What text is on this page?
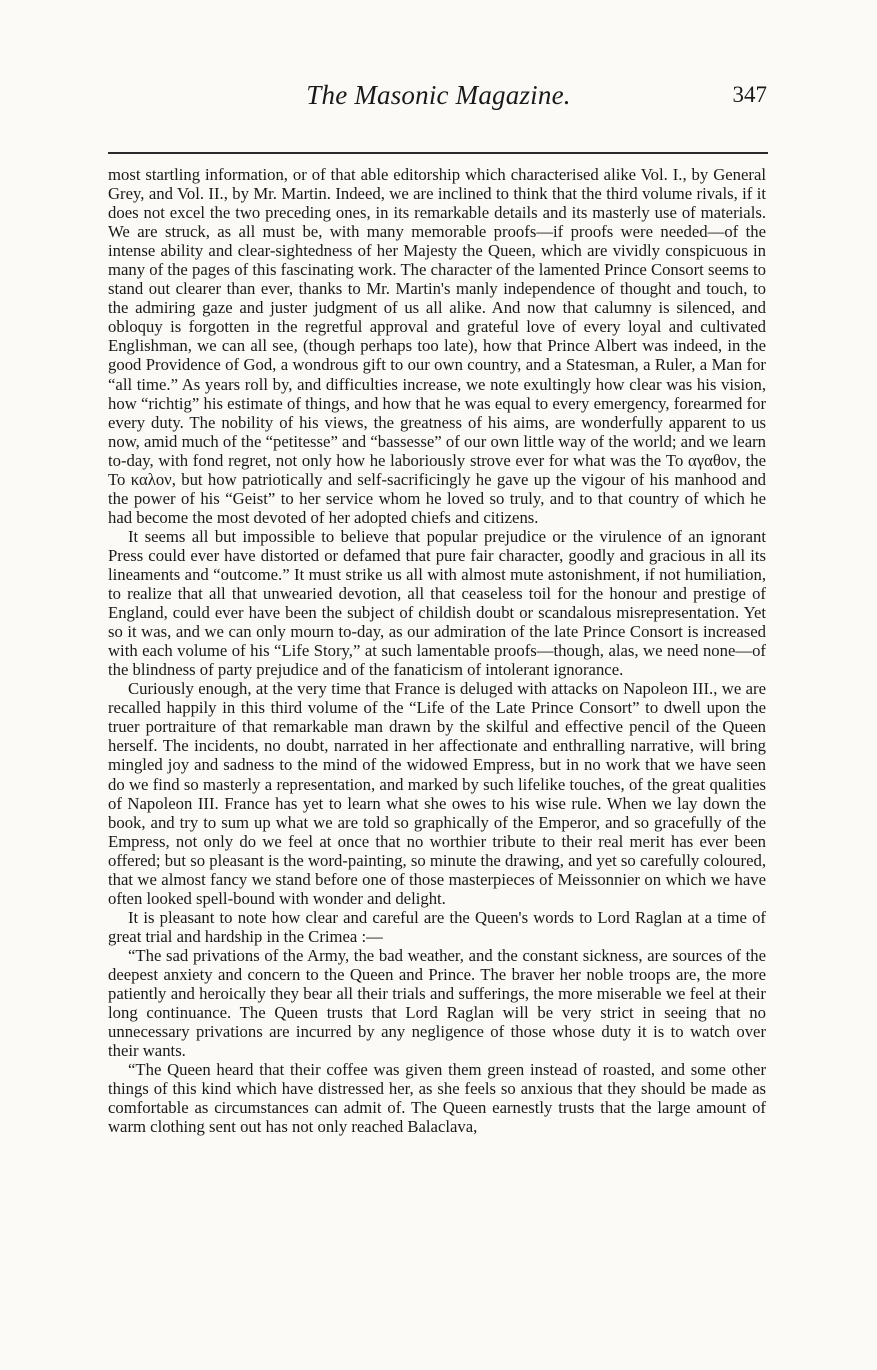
The Masonic Magazine.	347

most startling information, or of that able editorship which characterised alike Vol. I., by General Grey, and Vol. II., by Mr. Martin. Indeed, we are inclined to think that the third volume rivals, if it does not excel the two preceding ones, in its remarkable details and its masterly use of materials. We are struck, as all must be, with many memorable proofs—if proofs were needed—of the intense ability and clear-sightedness of her Majesty the Queen, which are vividly conspicuous in many of the pages of this fascinating work. The character of the lamented Prince Consort seems to stand out clearer than ever, thanks to Mr. Martin's manly independence of thought and touch, to the admiring gaze and juster judgment of us all alike. And now that calumny is silenced, and obloquy is forgotten in the regretful approval and grateful love of every loyal and cultivated Englishman, we can all see, (though perhaps too late), how that Prince Albert was indeed, in the good Providence of God, a wondrous gift to our own country, and a Statesman, a Ruler, a Man for “all time.” As years roll by, and difficulties increase, we note exultingly how clear was his vision, how “richtig” his estimate of things, and how that he was equal to every emergency, forearmed for every duty. The nobility of his views, the greatness of his aims, are wonderfully apparent to us now, amid much of the “petitesse” and “bassesse” of our own little way of the world; and we learn to-day, with fond regret, not only how he laboriously strove ever for what was the Το αγαθον, the Το καλον, but how patriotically and self-sacrificingly he gave up the vigour of his manhood and the power of his “Geist” to her service whom he loved so truly, and to that country of which he had become the most devoted of her adopted chiefs and citizens.

It seems all but impossible to believe that popular prejudice or the virulence of an ignorant Press could ever have distorted or defamed that pure fair character, goodly and gracious in all its lineaments and “outcome.” It must strike us all with almost mute astonishment, if not humiliation, to realize that all that unwearied devotion, all that ceaseless toil for the honour and prestige of England, could ever have been the subject of childish doubt or scandalous misrepresentation. Yet so it was, and we can only mourn to-day, as our admiration of the late Prince Consort is increased with each volume of his “Life Story,” at such lamentable proofs—though, alas, we need none—of the blindness of party prejudice and of the fanaticism of intolerant ignorance.

Curiously enough, at the very time that France is deluged with attacks on Napoleon III., we are recalled happily in this third volume of the “Life of the Late Prince Consort” to dwell upon the truer portraiture of that remarkable man drawn by the skilful and effective pencil of the Queen herself. The incidents, no doubt, narrated in her affectionate and enthralling narrative, will bring mingled joy and sadness to the mind of the widowed Empress, but in no work that we have seen do we find so masterly a representation, and marked by such lifelike touches, of the great qualities of Napoleon III. France has yet to learn what she owes to his wise rule. When we lay down the book, and try to sum up what we are told so graphically of the Emperor, and so gracefully of the Empress, not only do we feel at once that no worthier tribute to their real merit has ever been offered; but so pleasant is the word-painting, so minute the drawing, and yet so carefully coloured, that we almost fancy we stand before one of those masterpieces of Meissonnier on which we have often looked spell-bound with wonder and delight.

It is pleasant to note how clear and careful are the Queen's words to Lord Raglan at a time of great trial and hardship in the Crimea :—

“The sad privations of the Army, the bad weather, and the constant sickness, are sources of the deepest anxiety and concern to the Queen and Prince. The braver her noble troops are, the more patiently and heroically they bear all their trials and sufferings, the more miserable we feel at their long continuance. The Queen trusts that Lord Raglan will be very strict in seeing that no unnecessary privations are incurred by any negligence of those whose duty it is to watch over their wants.

“The Queen heard that their coffee was given them green instead of roasted, and some other things of this kind which have distressed her, as she feels so anxious that they should be made as comfortable as circumstances can admit of. The Queen earnestly trusts that the large amount of warm clothing sent out has not only reached Balaclava,
